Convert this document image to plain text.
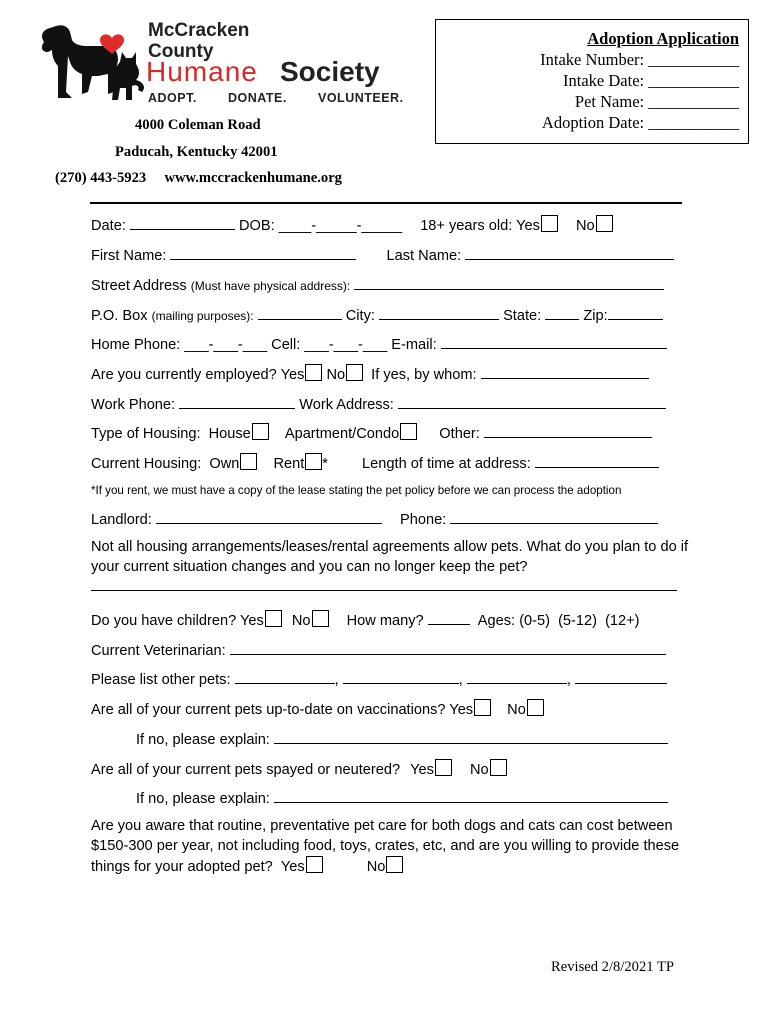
McCracken
County
Humane Society
ADOPT. DONATE. VOLUNTEER.
Adoption Application
Intake Number: ___________
Intake Date: ___________
Pet Name: ___________
Adoption Date: ___________
4000 Coleman Road
Paducah, Kentucky 42001
(270) 443-5923     www.mccrackenhumane.org
Date:	DOB: ____-_____-_____ 18+ years old: Yes No
First Name:	Last Name:
Street Address (Must have physical address):
P.O. Box (mailing purposes):	City:	State:	Zip:
Home Phone: ___-___-___ Cell: ___-___-___ E-mail:
Are you currently employed? Yes No If yes, by whom:
Work Phone:	Work Address:
Type of Housing: House Apartment/Condo	Other:
Current Housing: Own Rent * Length of time at address:
*If you rent, we must have a copy of the lease stating the pet policy before we can process the adoption
Landlord:	Phone:
Not all housing arrangements/leases/rental agreements allow pets. What do you plan to do if your current situation changes and you can no longer keep the pet?
Do you have children? Yes No How many?	Ages: (0-5) (5-12) (12+)
Current Veterinarian:
Please list other pets:	,	,	,
Are all of your current pets up-to-date on vaccinations? Yes No
If no, please explain:
Are all of your current pets spayed or neutered? Yes No
If no, please explain:
Are you aware that routine, preventative pet care for both dogs and cats can cost between $150-300 per year, not including food, toys, crates, etc, and are you willing to provide these things for your adopted pet? Yes	No
Revised 2/8/2021 TP
